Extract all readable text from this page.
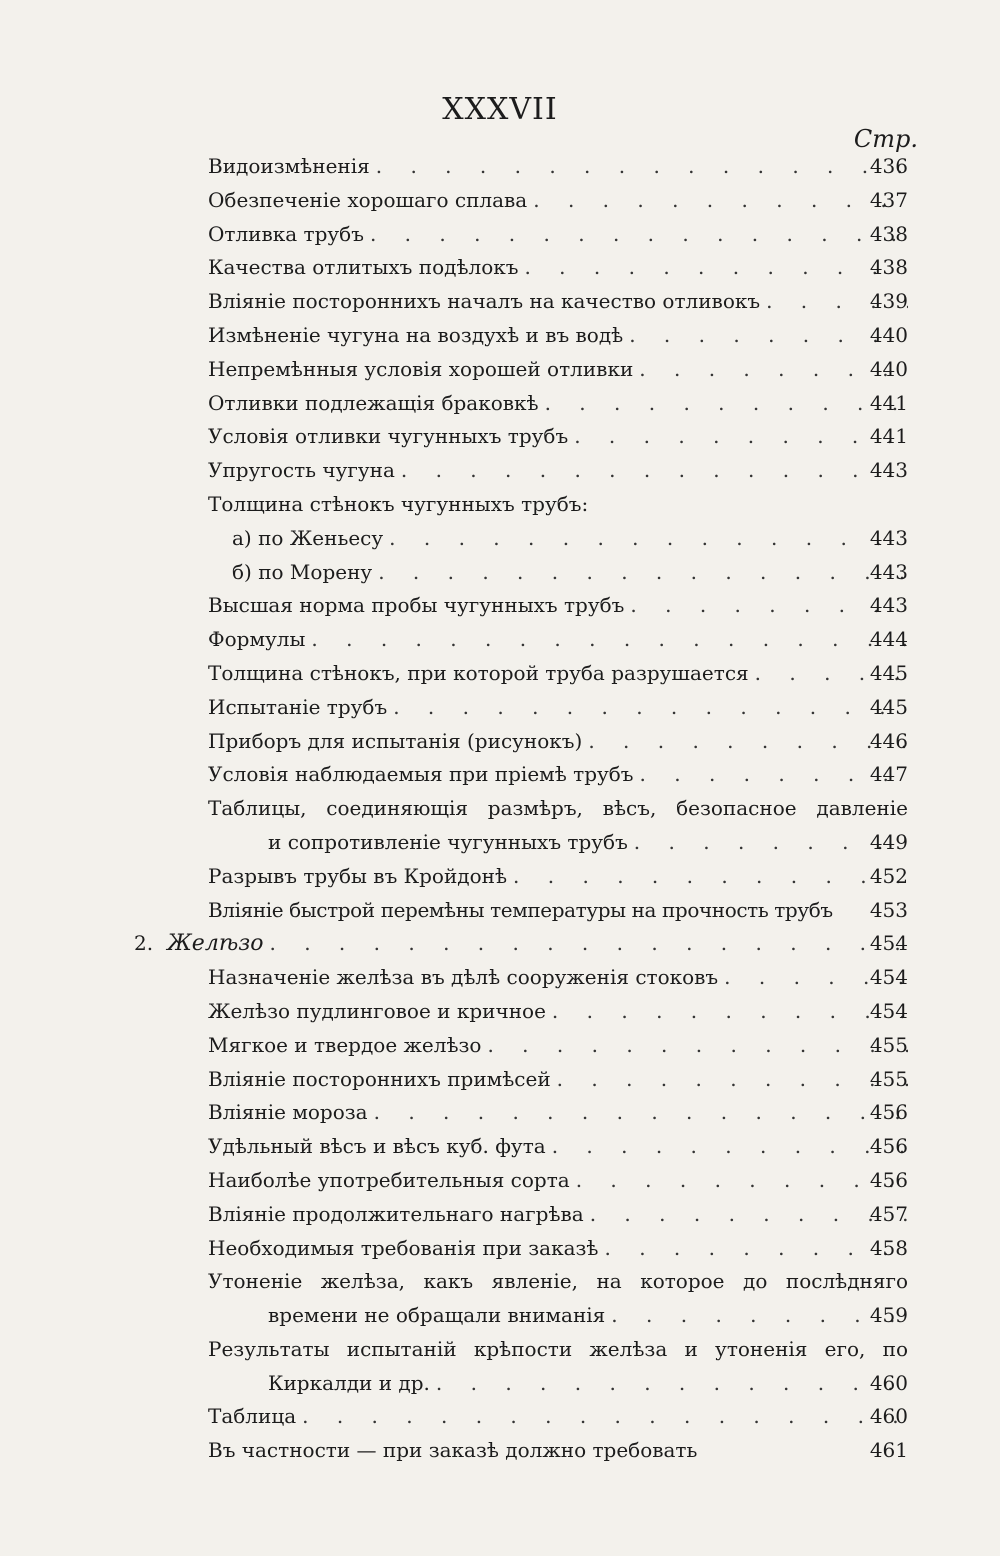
XXXVII
Стр.
Видоизмѣненія . . .	436
Обезпеченіе хорошаго сплава . . .	437
Отливка трубъ . . .	438
Качества отлитыхъ подѣлокъ . . .	438
Вліяніе постороннихъ началъ на качество отливокъ . . .	439
Измѣненіе чугуна на воздухѣ и въ водѣ . . .	440
Непремѣнныя условія хорошей отливки . . .	440
Отливки подлежащія браковкѣ . . .	441
Условія отливки чугунныхъ трубъ . . .	441
Упругость чугуна . . .	443
Толщина стѣнокъ чугунныхъ трубъ:
а) по Женьесу . . .	443
б) по Морену . . .	443
Высшая норма пробы чугунныхъ трубъ . . .	443
Формулы . . .	444
Толщина стѣнокъ, при которой труба разрушается . . .	445
Испытаніе трубъ . . .	445
Приборъ для испытанія (рисунокъ) . . .	446
Условія наблюдаемыя при пріемѣ трубъ . . .	447
Таблицы, соединяющія размѣръ, вѣсъ, безопасное давленіе
и сопротивленіе чугунныхъ трубъ . . .	449
Разрывъ трубы въ Кройдонѣ . . .	452
Вліяніе быстрой перемѣны температуры на прочность трубъ	453
2. Желѣзо . . .	454
Назначеніе желѣза въ дѣлѣ сооруженія стоковъ . . .	454
Желѣзо пудлинговое и кричное . . .	454
Мягкое и твердое желѣзо . . .	455
Вліяніе постороннихъ примѣсей . . .	455
Вліяніе мороза . . .	456
Удѣльный вѣсъ и вѣсъ куб. фута . . .	456
Наиболѣе употребительныя сорта . . .	456
Вліяніе продолжительнаго нагрѣва . . .	457
Необходимыя требованія при заказѣ . . .	458
Утоненіе желѣза, какъ явленіе, на которое до послѣдняго
времени не обращали вниманія . . .	459
Результаты испытаній крѣпости желѣза и утоненія его, по
Киркалди и др. . . .	460
Таблица . . .	460
Въ частности — при заказѣ должно требовать	461
